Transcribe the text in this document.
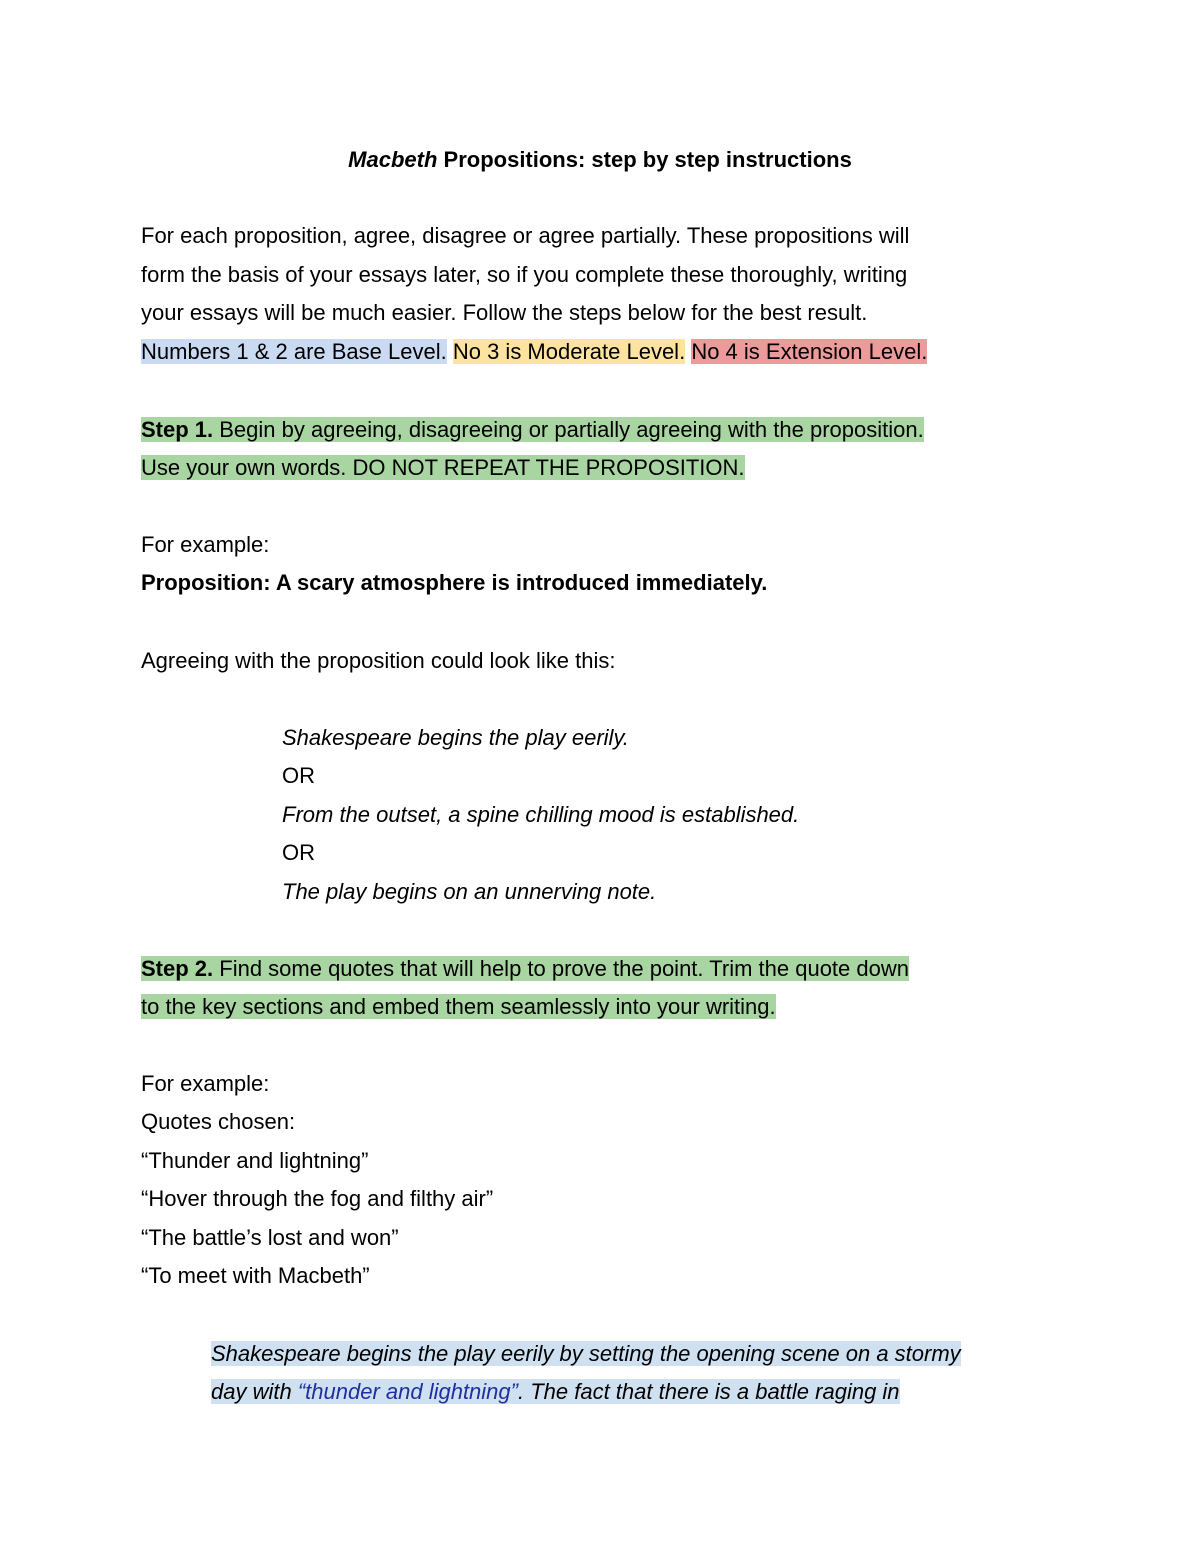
Macbeth Propositions: step by step instructions
For each proposition, agree, disagree or agree partially. These propositions will
form the basis of your essays later, so if you complete these thoroughly, writing
your essays will be much easier. Follow the steps below for the best result.
Numbers 1 & 2 are Base Level. No 3 is Moderate Level. No 4 is Extension Level.
Step 1. Begin by agreeing, disagreeing or partially agreeing with the proposition.
Use your own words. DO NOT REPEAT THE PROPOSITION.
For example:
Proposition: A scary atmosphere is introduced immediately.
Agreeing with the proposition could look like this:
Shakespeare begins the play eerily.
OR
From the outset, a spine chilling mood is established.
OR
The play begins on an unnerving note.
Step 2. Find some quotes that will help to prove the point. Trim the quote down
to the key sections and embed them seamlessly into your writing.
For example:
Quotes chosen:
“Thunder and lightning”
“Hover through the fog and filthy air”
“The battle’s lost and won”
“To meet with Macbeth”
Shakespeare begins the play eerily by setting the opening scene on a stormy
day with “thunder and lightning”. The fact that there is a battle raging in
